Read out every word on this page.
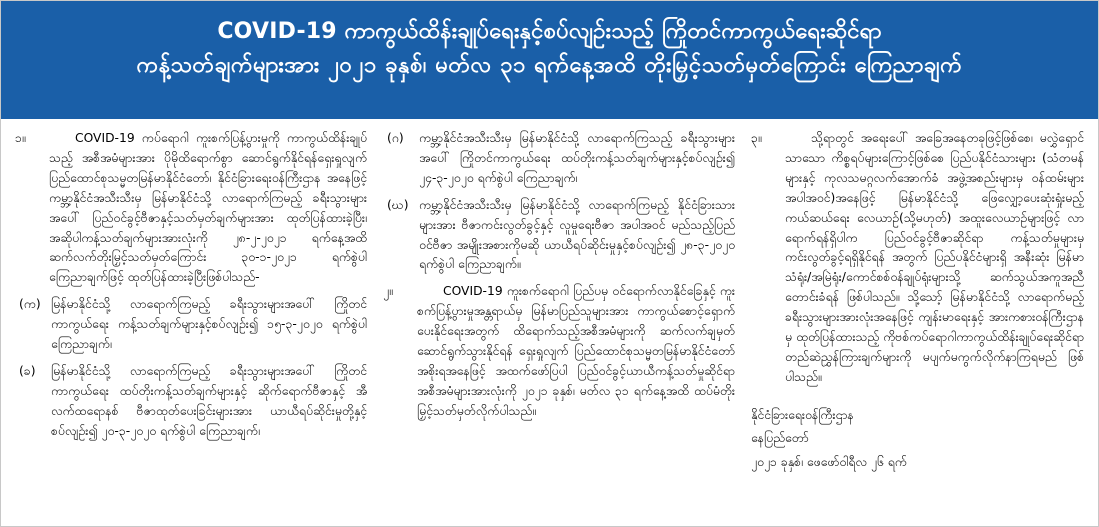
COVID-19 ကာကွယ်ထိန်းချုပ်ရေးနှင့်စပ်လျဉ်းသည့် ကြိုတင်ကာကွယ်ရေးဆိုင်ရာ
ကန့်သတ်ချက်များအား ၂၀၂၁ ခုနှစ်၊ မတ်လ ၃၁ ရက်နေ့အထိ တိုးမြှင့်သတ်မှတ်ကြောင်း ကြေညာချက်
၁။	COVID-19 ကပ်ရောဂါ ကူးစက်ပြန့်ပွားမှုကို ကာကွယ်ထိန်းချုပ်သည့် အစီအမံများအား ပိုမိုထိရောက်စွာ ဆောင်ရွက်နိုင်ရန်ရှေးရှုလျက် ပြည်ထောင်စုသမ္မတမြန်မာနိုင်ငံတော်၊ နိုင်ငံခြားရေးဝန်ကြီးဌာန အနေဖြင့် ကမ္ဘာ့နိုင်ငံအသီးသီးမှ မြန်မာနိုင်ငံသို့ လာရောက်ကြမည့် ခရီးသွားများအပေါ် ပြည်ဝင်ခွင့်ဗီဇာနှင့်သတ်မှတ်ချက်များအား ထုတ်ပြန်ထားခဲ့ပြီး၊ အဆိုပါကန့်သတ်ချက်များအားလုံးကို ၂၈-၂-၂၀၂၁ ရက်နေ့အထိ ဆက်လက်တိုးမြှင့်သတ်မှတ်ကြောင်း ၃၀-၁-၂၀၂၁ ရက်စွဲပါ ကြေညာချက်ဖြင့် ထုတ်ပြန်ထားခဲ့ပြီးဖြစ်ပါသည်-
(က) မြန်မာနိုင်ငံသို့ လာရောက်ကြမည့် ခရီးသွားများအပေါ် ကြိုတင်ကာကွယ်ရေး ကန့်သတ်ချက်များနှင့်စပ်လျဉ်း၍ ၁၅-၃-၂၀၂၀ ရက်စွဲပါ ကြေညာချက်၊
(ခ)	မြန်မာနိုင်ငံသို့ လာရောက်ကြမည့် ခရီးသွားများအပေါ် ကြိုတင်ကာကွယ်ရေး ထပ်တိုးကန့်သတ်ချက်များနှင့် ဆိုက်ရောက်ဗီဇာနှင့် အီလက်ထရောနစ် ဗီဇာထုတ်ပေးခြင်းများအား ယာယီရပ်ဆိုင်းမှုတို့နှင့်စပ်လျဉ်း၍ ၂၀-၃-၂၀၂၀ ရက်စွဲပါ ကြေညာချက်၊
(ဂ)	ကမ္ဘာ့နိုင်ငံအသီးသီးမှ မြန်မာနိုင်ငံသို့ လာရောက်ကြသည့် ခရီးသွားများအပေါ် ကြိုတင်ကာကွယ်ရေး ထပ်တိုးကန့်သတ်ချက်များနှင့်စပ်လျဉ်း၍ ၂၄-၃-၂၀၂၀ ရက်စွဲပါ ကြေညာချက်၊
(ဃ) ကမ္ဘာ့နိုင်ငံအသီးသီးမှ မြန်မာနိုင်ငံသို့ လာရောက်ကြမည့် နိုင်ငံခြားသားများအား ဗီဇာကင်းလွတ်ခွင့်နှင့် လူမှုရေးဗီဇာ အပါအဝင် မည်သည့်ပြည်ဝင်ဗီဇာ အမျိုးအစားကိုမဆို ယာယီရပ်ဆိုင်းမှုနှင့်စပ်လျဉ်း၍ ၂၈-၃-၂၀၂၀ ရက်စွဲပါ ကြေညာချက်။
၂။	COVID-19 ကူးစက်ရောဂါ ပြည်ပမှ ဝင်ရောက်လာနိုင်ခြေနှင့် ကူးစက်ပြန့်ပွားမှုအန္တရာယ်မှ မြန်မာပြည်သူများအား ကာကွယ်စောင့်ရှောက်ပေးနိုင်ရေးအတွက် ထိရောက်သည့်အစီအမံများကို ဆက်လက်ချမှတ်ဆောင်ရွက်သွားနိုင်ရန် ရှေးရှုလျက် ပြည်ထောင်စုသမ္မတမြန်မာနိုင်ငံတော်အစိုးရအနေဖြင့် အထက်ဖော်ပြပါ ပြည်ဝင်ခွင့်ယာယီကန့်သတ်မှုဆိုင်ရာ အစီအမံများအားလုံးကို ၂၀၂၁ ခုနှစ်၊ မတ်လ ၃၁ ရက်နေ့အထိ ထပ်မံတိုးမြှင့်သတ်မှတ်လိုက်ပါသည်။
၃။	သို့ရာတွင် အရေးပေါ် အခြေအနေတခုဖြင့်ဖြစ်စေ၊ မလွှဲရှောင်သာသော ကိစ္စရပ်များကြောင့်ဖြစ်စေ ပြည်ပနိုင်ငံသားများ (သံတမန်များနှင့် ကုလသမဂ္ဂလက်အောက်ခံ အဖွဲ့အစည်းများမှ ဝန်ထမ်းများ အပါအဝင်)အနေဖြင့် မြန်မာနိုင်ငံသို့ ဖြေလျှော့ပေးဆုံးရှုံးမည့် ကယ်ဆယ်ရေး လေယာဉ်(သို့မဟုတ်) အထူးလေယာဉ်များဖြင့် လာရောက်ရန်ရှိပါက ပြည်ဝင်ခွင့်ဗီဇာဆိုင်ရာ ကန့်သတ်မှုများမှ ကင်းလွတ်ခွင့်ရရှိနိုင်ရန် အတွက် ပြည်ပနိုင်ငံများရှိ အနီးဆုံး မြန်မာသံရုံး/အမြဲရုံး/ကောင်စစ်ဝန်ချုပ်ရုံးများသို့ ဆက်သွယ်အကူအညီတောင်းခံရန် ဖြစ်ပါသည်။ သို့သော့် မြန်မာနိုင်ငံသို့ လာရောက်မည့် ခရီးသွားများအားလုံးအနေဖြင့် ကျန်းမာရေးနှင့် အားကစားဝန်ကြီးဌာနမှ ထုတ်ပြန်ထားသည့် ကိုဗစ်ကပ်ရောဂါကာကွယ်ထိန်းချုပ်ရေးဆိုင်ရာ တည်ဆဲညွှန်ကြားချက်များကို မပျက်မကွက်လိုက်နာကြရမည် ဖြစ်ပါသည်။
နိုင်ငံခြားရေးဝန်ကြီးဌာန
နေပြည်တော်
၂၀၂၁ ခုနှစ်၊ ဖေဖော်ဝါရီလ ၂၆ ရက်
